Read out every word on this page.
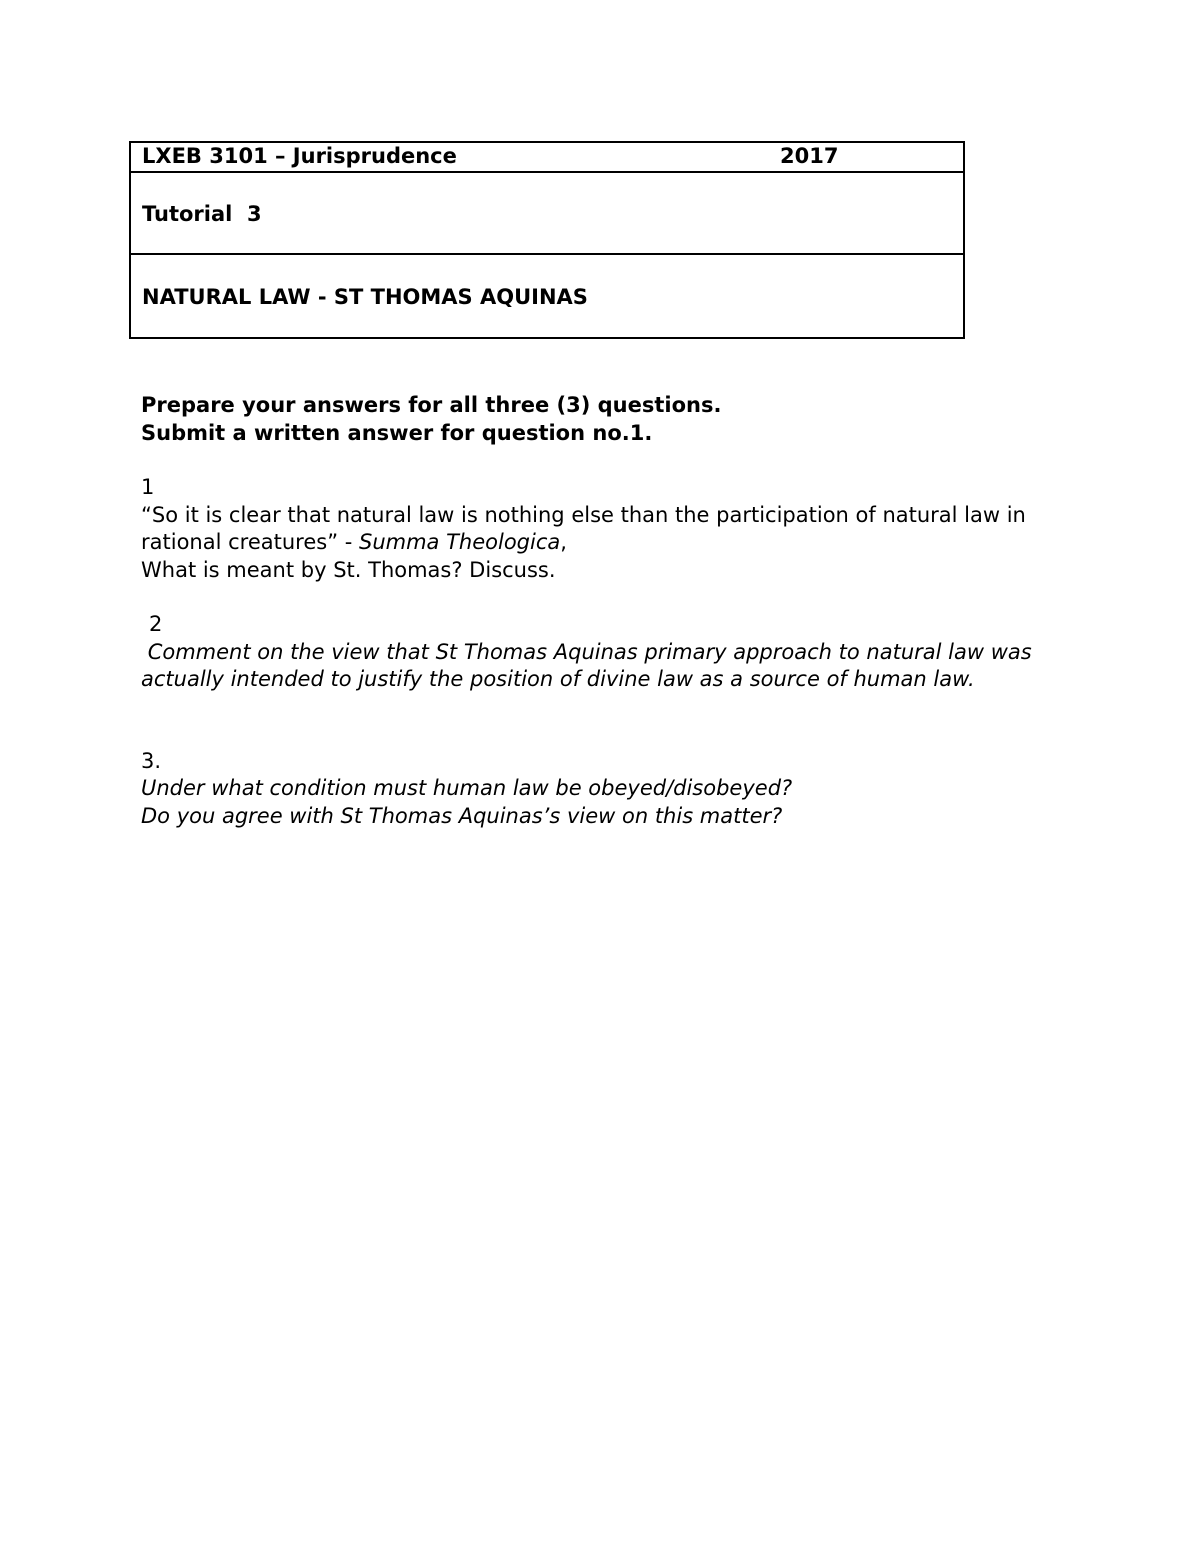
LXEB 3101 – Jurisprudence	2017
Tutorial  3
NATURAL LAW - ST THOMAS AQUINAS
Prepare your answers for all three (3) questions.
Submit a written answer for question no.1.
1
“So it is clear that natural law is nothing else than the participation of natural law in rational creatures” - Summa Theologica,
What is meant by St. Thomas? Discuss.
2
Comment on the view that St Thomas Aquinas primary approach to natural law was actually intended to justify the position of divine law as a source of human law.
3.
Under what condition must human law be obeyed/disobeyed?
Do you agree with St Thomas Aquinas’s view on this matter?
